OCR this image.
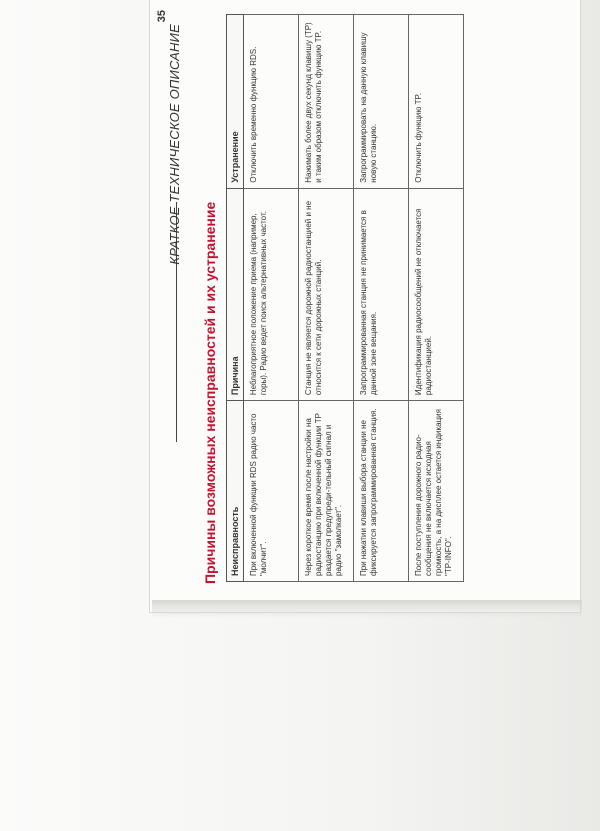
35
КРАТКОЕ ТЕХНИЧЕСКОЕ ОПИСАНИЕ
Причины возможных неисправностей и их устранение Неисправность	Причина	Устранение
При включенной функции RDS радио часто "молчит".	Неблагоприятное положение приема (например, горы). Радио ведет поиск альтернативных частот.	Отключить временно функцию RDS.
Через короткое время после настройки на радиостанцию при включенной функции TP раздается предупреди-тельный сигнал и радио "замолкает".	Станция не является дорожной радиостанцией и не относится к сети дорожных станций.	Нажимать более двух секунд клавишу (TP) и таким образом отключить функцию TP.
При нажатии клавиши выбора станции не фиксируется запрограммированная станция.	Запрограммированная станция не принимается в данной зоне вещания.	Запрограммировать на данную клавишу новую станцию.
После поступления дорожного радио-сообщения не включается исходная громкость, а на дисплее остается индикация "TP-INFO".	Идентификация радиосообщений не отключается радиостанцией.	Отключить функцию TP.
